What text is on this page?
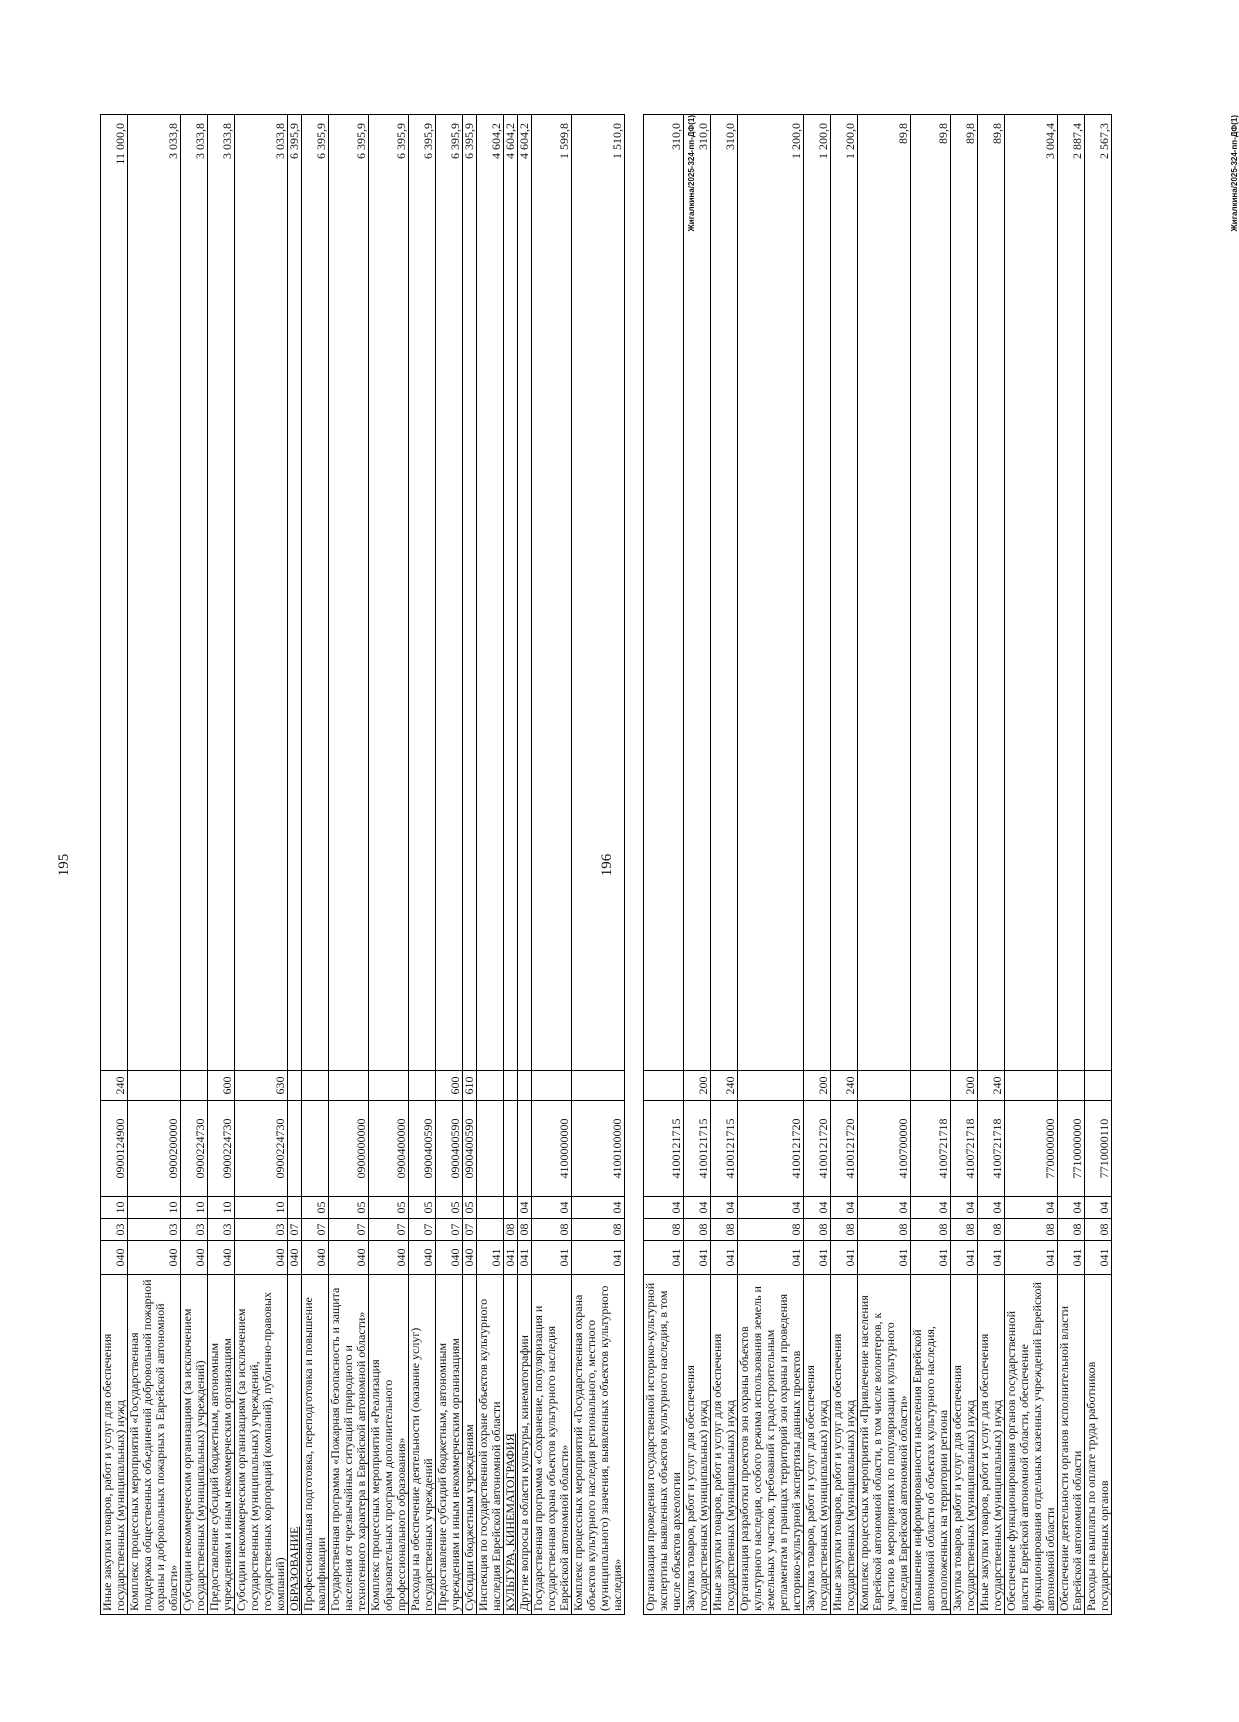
195
Иные закупки товаров, работ и услуг для обеспечения государственных (муниципальных) нужд	040	03	10	0900124900	240	11 000,0
Комплекс процессных мероприятий «Государственная поддержка общественных объединений добровольной пожарной охраны и добровольных пожарных в Еврейской автономной области»	040	03	10	0900200000		3 033,8
Субсидии некоммерческим организациям (за исключением государственных (муниципальных) учреждений)	040	03	10	0900224730		3 033,8
Предоставление субсидий бюджетным, автономным учреждениям и иным некоммерческим организациям	040	03	10	0900224730	600	3 033,8
Субсидии некоммерческим организациям (за исключением государственных (муниципальных) учреждений, государственных корпораций (компаний), публично-правовых компаний)	040	03	10	0900224730	630	3 033,8
ОБРАЗОВАНИЕ	040	07				6 395,9
Профессиональная подготовка, переподготовка и повышение квалификации	040	07	05			6 395,9
Государственная программа «Пожарная безопасность и защита населения от чрезвычайных ситуаций природного и техногенного характера в Еврейской автономной области»	040	07	05	0900000000		6 395,9
Комплекс процессных мероприятий «Реализация образовательных программ дополнительного профессионального образования»	040	07	05	0900400000		6 395,9
Расходы на обеспечение деятельности (оказание услуг) государственных учреждений	040	07	05	0900400590		6 395,9
Предоставление субсидий бюджетным, автономным учреждениям и иным некоммерческим организациям	040	07	05	0900400590	600	6 395,9
Субсидии бюджетным учреждениям	040	07	05	0900400590	610	6 395,9
Инспекция по государственной охране объектов культурного наследия Еврейской автономной области	041					4 604,2
КУЛЬТУРА, КИНЕМАТОГРАФИЯ	041	08				4 604,2
Другие вопросы в области культуры, кинематографии	041	08	04			4 604,2
Государственная программа «Сохранение, популяризация и государственная охрана объектов культурного наследия Еврейской автономной области»	041	08	04	4100000000		1 599,8
Комплекс процессных мероприятий «Государственная охрана объектов культурного наследия регионального, местного (муниципального) значения, выявленных объектов культурного наследия»	041	08	04	4100100000		1 510,0	Жигалкина/2025-324-пп-ДФ(1)
196
Организация проведения государственной историко-культурной экспертизы выявленных объектов культурного наследия, в том числе объектов археологии	041	08	04	4100121715		310,0
Закупка товаров, работ и услуг для обеспечения государственных (муниципальных) нужд	041	08	04	4100121715	200	310,0
Иные закупки товаров, работ и услуг для обеспечения государственных (муниципальных) нужд	041	08	04	4100121715	240	310,0
Организация разработки проектов зон охраны объектов культурного наследия, особого режима использования земель и земельных участков, требований к градостроительным регламентам в границах территорий зон охраны и проведения историко-культурной экспертизы данных проектов	041	08	04	4100121720		1 200,0
Закупка товаров, работ и услуг для обеспечения государственных (муниципальных) нужд	041	08	04	4100121720	200	1 200,0
Иные закупки товаров, работ и услуг для обеспечения государственных (муниципальных) нужд	041	08	04	4100121720	240	1 200,0
Комплекс процессных мероприятий «Привлечение населения Еврейской автономной области, в том числе волонтеров, к участию в мероприятиях по популяризации культурного наследия Еврейской автономной области»	041	08	04	4100700000		89,8
Повышение информированности населения Еврейской автономной области об объектах культурного наследия, расположенных на территории региона	041	08	04	4100721718		89,8
Закупка товаров, работ и услуг для обеспечения государственных (муниципальных) нужд	041	08	04	4100721718	200	89,8
Иные закупки товаров, работ и услуг для обеспечения государственных (муниципальных) нужд	041	08	04	4100721718	240	89,8
Обеспечение функционирования органов государственной власти Еврейской автономной области, обеспечение функционирования отдельных казенных учреждений Еврейской автономной области	041	08	04	7700000000		3 004,4
Обеспечение деятельности органов исполнительной власти Еврейской автономной области	041	08	04	7710000000		2 887,4
Расходы на выплаты по оплате труда работников государственных органов	041	08	04	7710000110		2 567,3	Жигалкина/2025-324-пп-ДФ(1)
